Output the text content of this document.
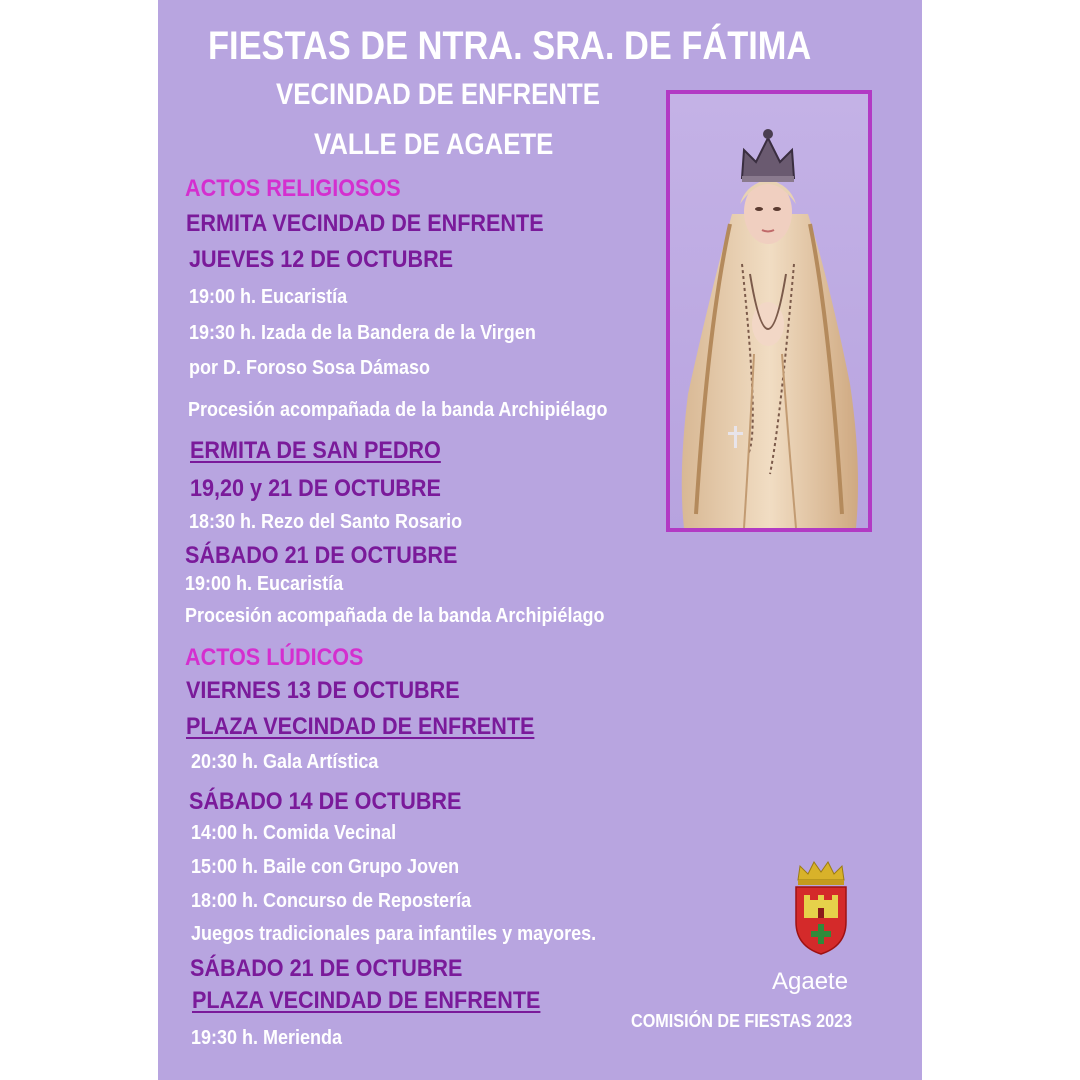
FIESTAS DE NTRA. SRA. DE FÁTIMA
VECINDAD DE ENFRENTE
VALLE DE AGAETE
ACTOS RELIGIOSOS
ERMITA VECINDAD DE ENFRENTE
JUEVES 12 DE OCTUBRE
19:00 h. Eucaristía
19:30 h. Izada de la Bandera de la Virgen
por D. Foroso Sosa Dámaso
Procesión acompañada de la banda Archipiélago
ERMITA DE SAN PEDRO
19,20 y 21 DE OCTUBRE
18:30 h. Rezo del Santo Rosario
SÁBADO 21 DE OCTUBRE
19:00 h. Eucaristía
Procesión acompañada de la banda Archipiélago
ACTOS LÚDICOS
VIERNES 13 DE OCTUBRE
PLAZA VECINDAD DE ENFRENTE
20:30 h. Gala Artística
SÁBADO 14 DE OCTUBRE
14:00 h. Comida Vecinal
15:00 h. Baile con Grupo Joven
18:00 h. Concurso de Repostería
Juegos tradicionales para infantiles y mayores.
SÁBADO 21 DE OCTUBRE
PLAZA VECINDAD DE ENFRENTE
19:30 h. Merienda
Agaete
COMISIÓN DE FIESTAS 2023
